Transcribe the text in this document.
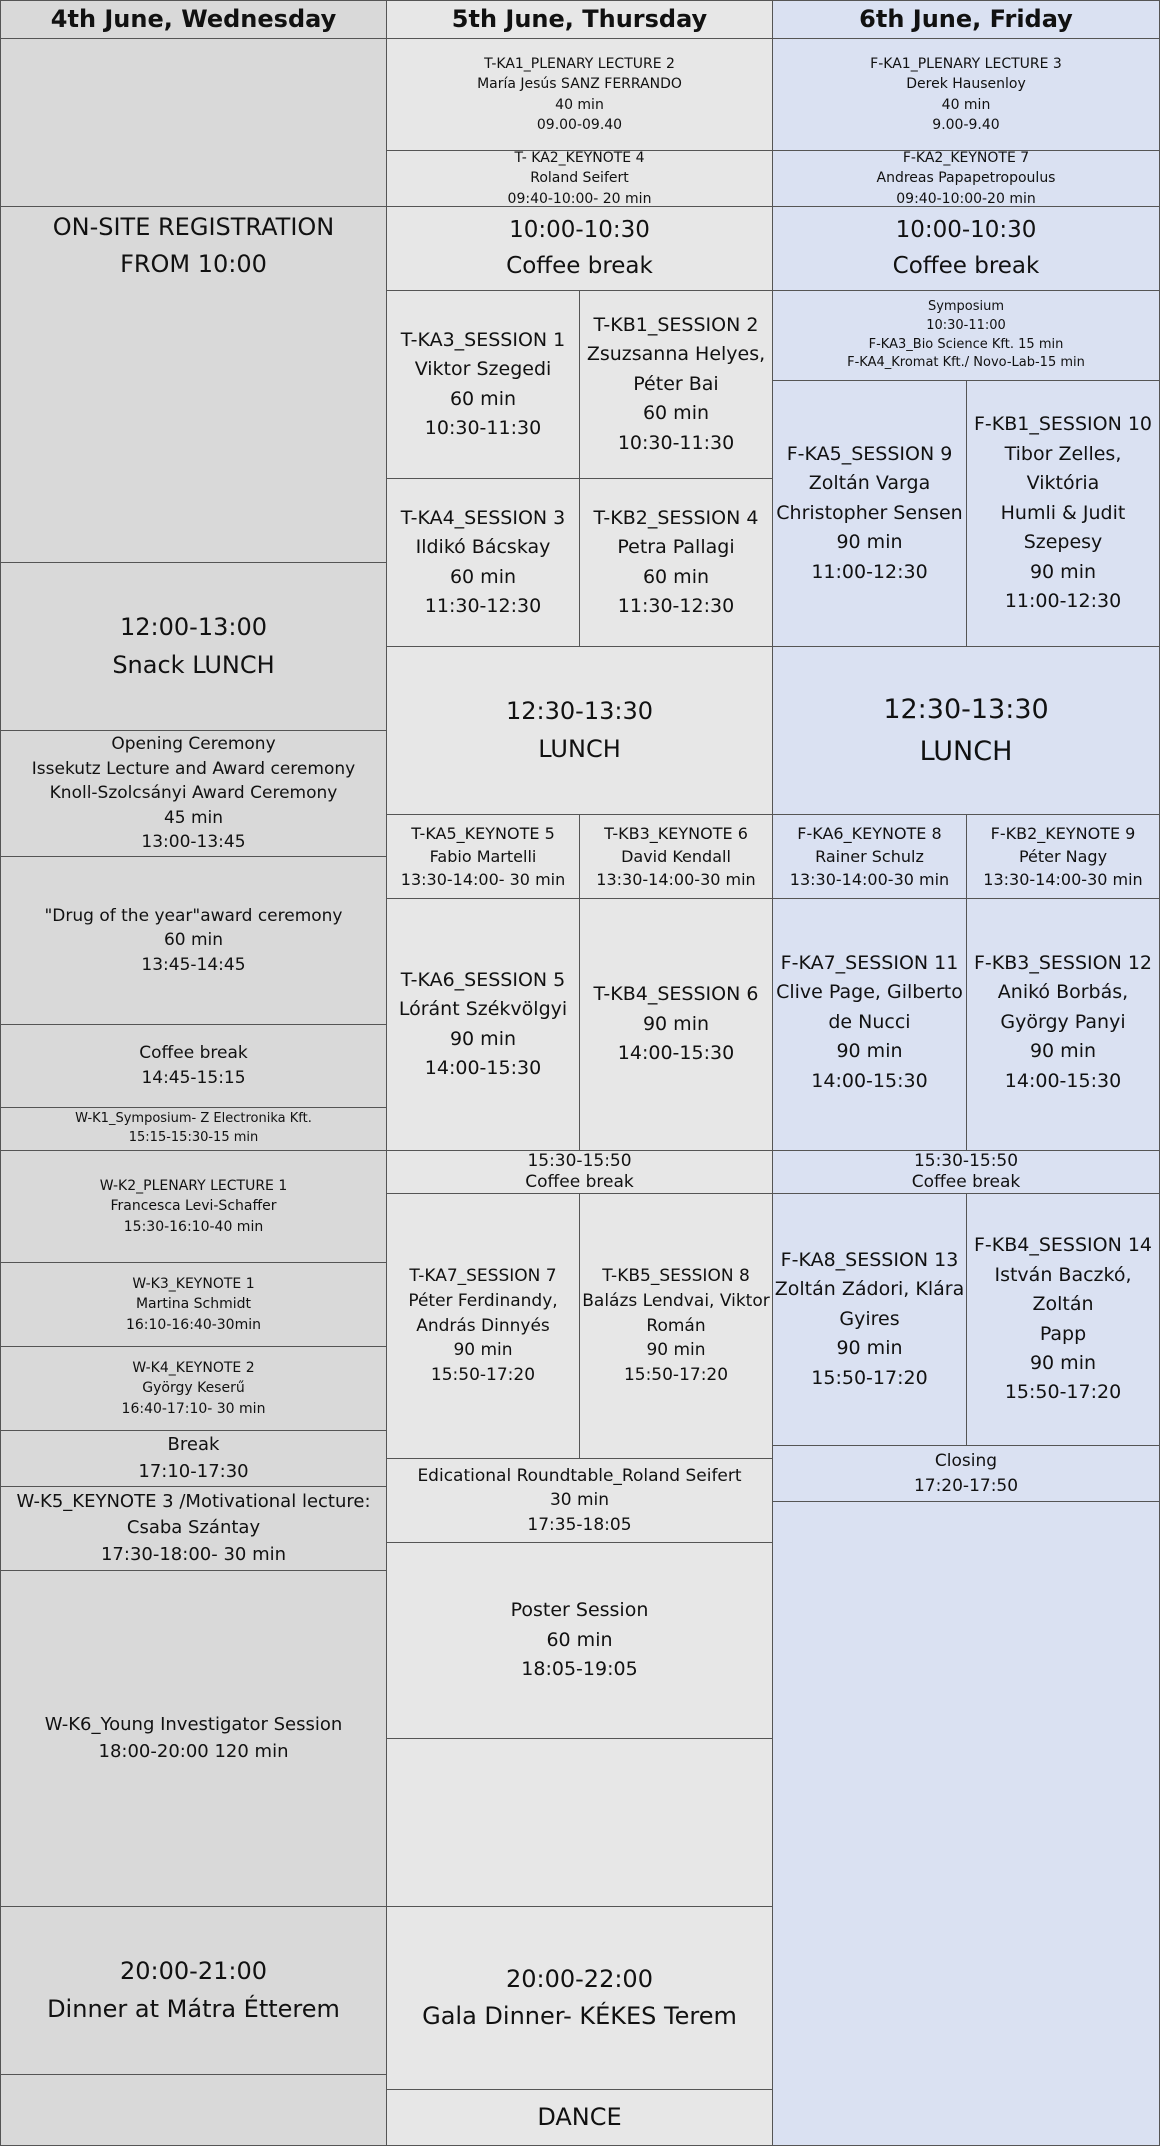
4th June, Wednesday	5th June, Thursday	6th June, Friday
ON-SITE REGISTRATION
FROM 10:00
12:00-13:00
Snack LUNCH
Opening Ceremony
Issekutz Lecture and Award ceremony
Knoll-Szolcsányi Award Ceremony
45 min
13:00-13:45
"Drug of the year"award ceremony
60 min
13:45-14:45
Coffee break
14:45-15:15
W-K1_Symposium- Z Electronika Kft.
15:15-15:30-15 min
W-K2_PLENARY LECTURE 1
Francesca Levi-Schaffer
15:30-16:10-40 min
W-K3_KEYNOTE 1
Martina Schmidt
16:10-16:40-30min
W-K4_KEYNOTE 2
György Keserű
16:40-17:10- 30 min
Break
17:10-17:30
W-K5_KEYNOTE 3 /Motivational lecture:
Csaba Szántay
17:30-18:00- 30 min
W-K6_Young Investigator Session
18:00-20:00 120 min
20:00-21:00
Dinner at Mátra Étterem
T-KA1_PLENARY LECTURE 2
María Jesús SANZ FERRANDO
40 min
09.00-09.40
T- KA2_KEYNOTE 4
Roland Seifert
09:40-10:00- 20 min
10:00-10:30
Coffee break
T-KA3_SESSION 1
Viktor Szegedi
60 min
10:30-11:30
T-KB1_SESSION 2
Zsuzsanna Helyes,
Péter Bai
60 min
10:30-11:30
T-KA4_SESSION 3
Ildikó Bácskay
60 min
11:30-12:30
T-KB2_SESSION 4
Petra Pallagi
60 min
11:30-12:30
12:30-13:30
LUNCH
T-KA5_KEYNOTE 5
Fabio Martelli
13:30-14:00- 30 min
T-KB3_KEYNOTE 6
David Kendall
13:30-14:00-30 min
T-KA6_SESSION 5
Lóránt Székvölgyi
90 min
14:00-15:30
T-KB4_SESSION 6
90 min
14:00-15:30
15:30-15:50
Coffee break
T-KA7_SESSION 7
Péter Ferdinandy,
András Dinnyés
90 min
15:50-17:20
T-KB5_SESSION 8
Balázs Lendvai, Viktor
Román
90 min
15:50-17:20
Edicational Roundtable_Roland Seifert
30 min
17:35-18:05
Poster Session
60 min
18:05-19:05
20:00-22:00
Gala Dinner- KÉKES Terem
DANCE
F-KA1_PLENARY LECTURE 3
Derek Hausenloy
40 min
9.00-9.40
F-KA2_KEYNOTE 7
Andreas Papapetropoulus
09:40-10:00-20 min
10:00-10:30
Coffee break
Symposium
10:30-11:00
F-KA3_Bio Science Kft. 15 min
F-KA4_Kromat Kft./ Novo-Lab-15 min
F-KA5_SESSION 9
Zoltán Varga
Christopher Sensen
90 min
11:00-12:30
F-KB1_SESSION 10
Tibor Zelles, Viktória
Humli & Judit
Szepesy
90 min
11:00-12:30
12:30-13:30
LUNCH
F-KA6_KEYNOTE 8
Rainer Schulz
13:30-14:00-30 min
F-KB2_KEYNOTE 9
Péter Nagy
13:30-14:00-30 min
F-KA7_SESSION 11
Clive Page, Gilberto
de Nucci
90 min
14:00-15:30
F-KB3_SESSION 12
Anikó Borbás,
György Panyi
90 min
14:00-15:30
15:30-15:50
Coffee break
F-KA8_SESSION 13
Zoltán Zádori, Klára
Gyires
90 min
15:50-17:20
F-KB4_SESSION 14
István Baczkó, Zoltán
Papp
90 min
15:50-17:20
Closing
17:20-17:50
